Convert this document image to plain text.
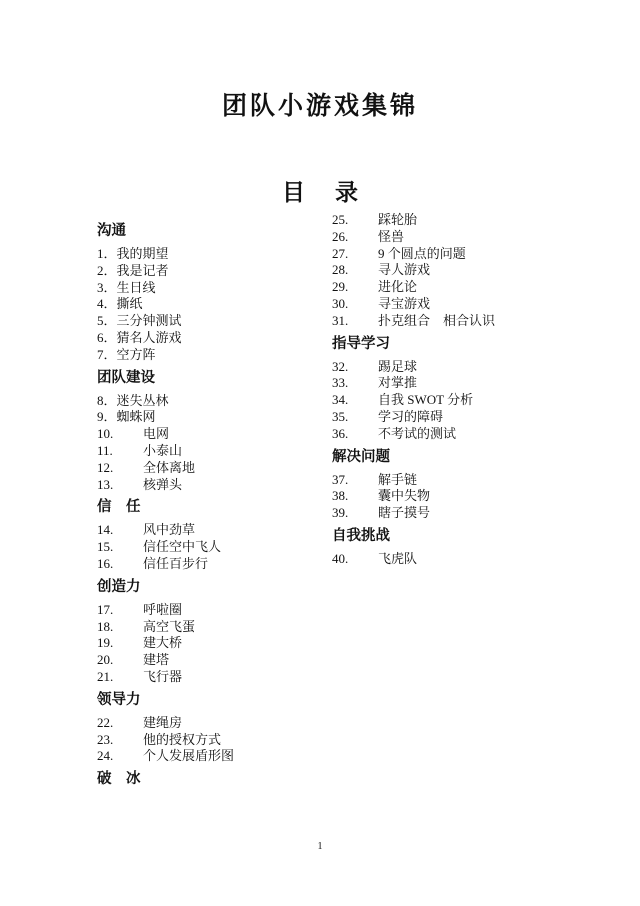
团队小游戏集锦
目 录
沟通
1．我的期望
2．我是记者
3．生日线
4．撕纸
5．三分钟测试
6．猜名人游戏
7．空方阵
团队建设
8．迷失丛林
9．蜘蛛网
10. 电网
11. 小泰山
12. 全体离地
13. 核弹头
信　任
14. 风中劲草
15. 信任空中飞人
16. 信任百步行
创造力
17. 呼啦圈
18. 高空飞蛋
19. 建大桥
20. 建塔
21. 飞行器
领导力
22. 建绳房
23. 他的授权方式
24. 个人发展盾形图
破　冰
25. 踩轮胎
26. 怪兽
27. 9 个圆点的问题
28. 寻人游戏
29. 进化论
30. 寻宝游戏
31. 扑克组合　相合认识
指导学习
32. 踢足球
33. 对掌推
34. 自我 SWOT 分析
35. 学习的障碍
36. 不考试的测试
解决问题
37. 解手链
38. 囊中失物
39. 瞎子摸号
自我挑战
40. 飞虎队
1
